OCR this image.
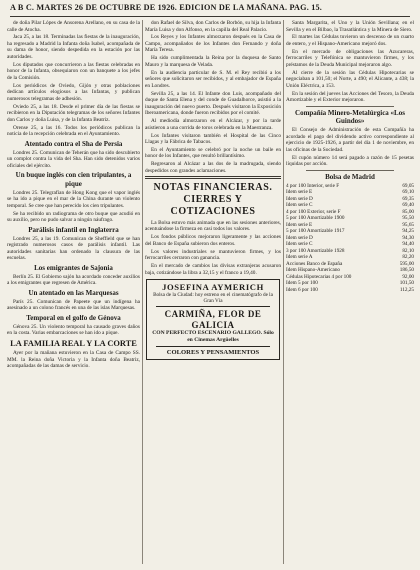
A B C. MARTES 26 DE OCTUBRE DE 1926. EDICION DE LA MAÑANA. PAG. 15.

de doña Pilar Lópes de Ansorena Arellano, en su casa de la calle de Atocha.

Jaca 25, a las 18. Terminadas las fiestas de la inauguración, ha regresado a Madrid la Infanta doña Isabel, acompañada de su dama de honor, siendo despedida en la estación por las autoridades.

Los diputados que concurrieron a las fiestas celebradas en honor de la Infanta, obsequiaron con un banquete a los jefes de la Comisión.

Los periódicos de Oviedo, Gijón y otras poblaciones dedican artículos elogiosos a las Infantas, y publican numerosos telegramas de adhesión.

Oviedo 25, a las 18. Desde el primer día de las fiestas se recibieron en la Diputación telegramas de los señores Infantes don Carlos y doña Luisa, y de la Infanta Beatriz.

Orense 25, a las 16. Todos los periódicos publican la noticia de la recepción celebrada en el Ayuntamiento.

Atentado contra el Sha de Persia

Londres 25. Comunican de Teherán que ha sido descubierto un complot contra la vida del Sha. Han sido detenidos varios oficiales del ejército.

Un buque inglés con cien tripulantes, a pique

Londres 25. Telegrafían de Hong Kong que el vapor inglés se ha ido a pique en el mar de la China durante un violento temporal. Se cree que han perecido los cien tripulantes.

Se ha recibido un radiograma de otro buque que acudió en su auxilio, pero no pudo salvar a ningún náufrago.

Parálisis infantil en Inglaterra

Londres 25, a las 19. Comunican de Sheffield que se han registrado numerosos casos de parálisis infantil. Las autoridades sanitarias han ordenado la clausura de las escuelas.

Los emigrantes de Sajonia

Berlín 25. El Gobierno sajón ha acordado conceder auxilios a los emigrantes que regresen de América.

Un atentado en las Marquesas

París 25. Comunican de Papeete que un indígena ha asesinado a un colono francés en una de las islas Marquesas.

Temporal en el golfo de Génova

Génova 25. Un violento temporal ha causado graves daños en la costa. Varias embarcaciones se han ido a pique.

LA FAMILIA REAL Y LA CORTE

Ayer por la mañana estuvieron en la Casa de Campo SS. MM. la Reina doña Victoria y la Infanta doña Beatriz, acompañadas de las damas de servicio.

don Rafael de Silva, don Carlos de Borbón, su hija la Infanta María Luisa y don Alfonso, en la capilla del Real Palacio.

Los Reyes y los Infantes almorzaron después en la Casa de Campo, acompañados de los Infantes don Fernando y doña María Teresa.

Ha sido cumplimentada la Reina por la duquesa de Santo Mauro y la marquesa de Velada.

En la audiencia particular de S. M. el Rey recibió a los señores que solicitaron ser recibidos, y al embajador de España en Londres.

Sevilla 25, a las 14. El Infante don Luis, acompañado del duque de Santa Elena y del conde de Guadalhorce, asistió a la inauguración del nuevo puerto. Después visitaron la Exposición Iberoamericana, donde fueron recibidos por el comité.

Al mediodía almorzaron en el Alcázar, y por la tarde asistieron a una corrida de toros celebrada en la Maestranza.

Los Infantes visitaron también el Hospital de las Cinco Llagas y la Fábrica de Tabacos.

En el Ayuntamiento se celebró por la noche un baile en honor de los Infantes, que resultó brillantísimo.

Regresaron al Alcázar a las dos de la madrugada, siendo despedidos con grandes aclamaciones.

NOTAS FINANCIERAS. CIERRES Y COTIZACIONES

La Bolsa estuvo más animada que en las sesiones anteriores, acentuándose la firmeza en casi todos los valores.

Los fondos públicos mejoraron ligeramente y las acciones del Banco de España subieron dos enteros.

Los valores industriales se mantuvieron firmes, y los ferrocarriles cerraron con ganancia.

En el mercado de cambios las divisas extranjeras acusaron baja, cotizándose la libra a 32,15 y el franco a 19,40.

JOSEFINA AYMERICH
Bolsa de la Ciudad: hoy estreno en el cinematógrafo de la Gran Vía
CARMIÑA, FLOR DE GALICIA
CON PERFECTO ESCENARIO GALLEGO. Sólo en Cinemas Argüelles
COLORES Y PENSAMIENTOS

Santa Margarita, el Uno y la Unión Sevillana; en el Sevilla y en el Bilbao, la Trasatlántica y la Minera de Siero.

El martes las Cédulas tuvieron un descenso de un cuarto de entero, y el Hispano-Americano mejoró dos.

En el mercado de obligaciones las Azucareras, ferrocarriles y Telefónica se mantuvieron firmes, y los préstamos de la Deuda Municipal mejoraron algo.

Al cierre de la sesión las Cédulas Hipotecarias se negociaban a 101,50; el Norte, a 490; el Alicante, a 438; la Unión Eléctrica, a 153.

En la sesión del jueves las Acciones del Tesoro, la Deuda Amortizable y el Exterior mejoraron.

Compañía Minero-Metalúrgica «Los Guindos»

El Consejo de Administración de esta Compañía ha acordado el pago del dividendo activo correspondiente al ejercicio de 1925-1926, a partir del día 1 de noviembre, en las oficinas de la Sociedad.

El cupón número 14 será pagado a razón de 15 pesetas líquidas por acción.

Bolsa de Madrid
4 por 100 Interior, serie F	69,05
Idem serie E	69,10
Idem serie D	69,35
Idem serie C	69,40
4 por 100 Exterior, serie F	85,00
5 por 100 Amortizable 1900	95,50
Idem serie E	95,65
5 por 100 Amortizable 1917	94,25
Idem serie D	94,30
Idem serie C	94,40
3 por 100 Amortizable 1928	82,10
Idem serie A	82,20
Acciones Banco de España	595,00
Idem Hispano-Americano	186,50
Cédulas Hipotecarias 4 por 100	92,00
Idem 5 por 100	101,50
Idem 6 por 100	112,25
